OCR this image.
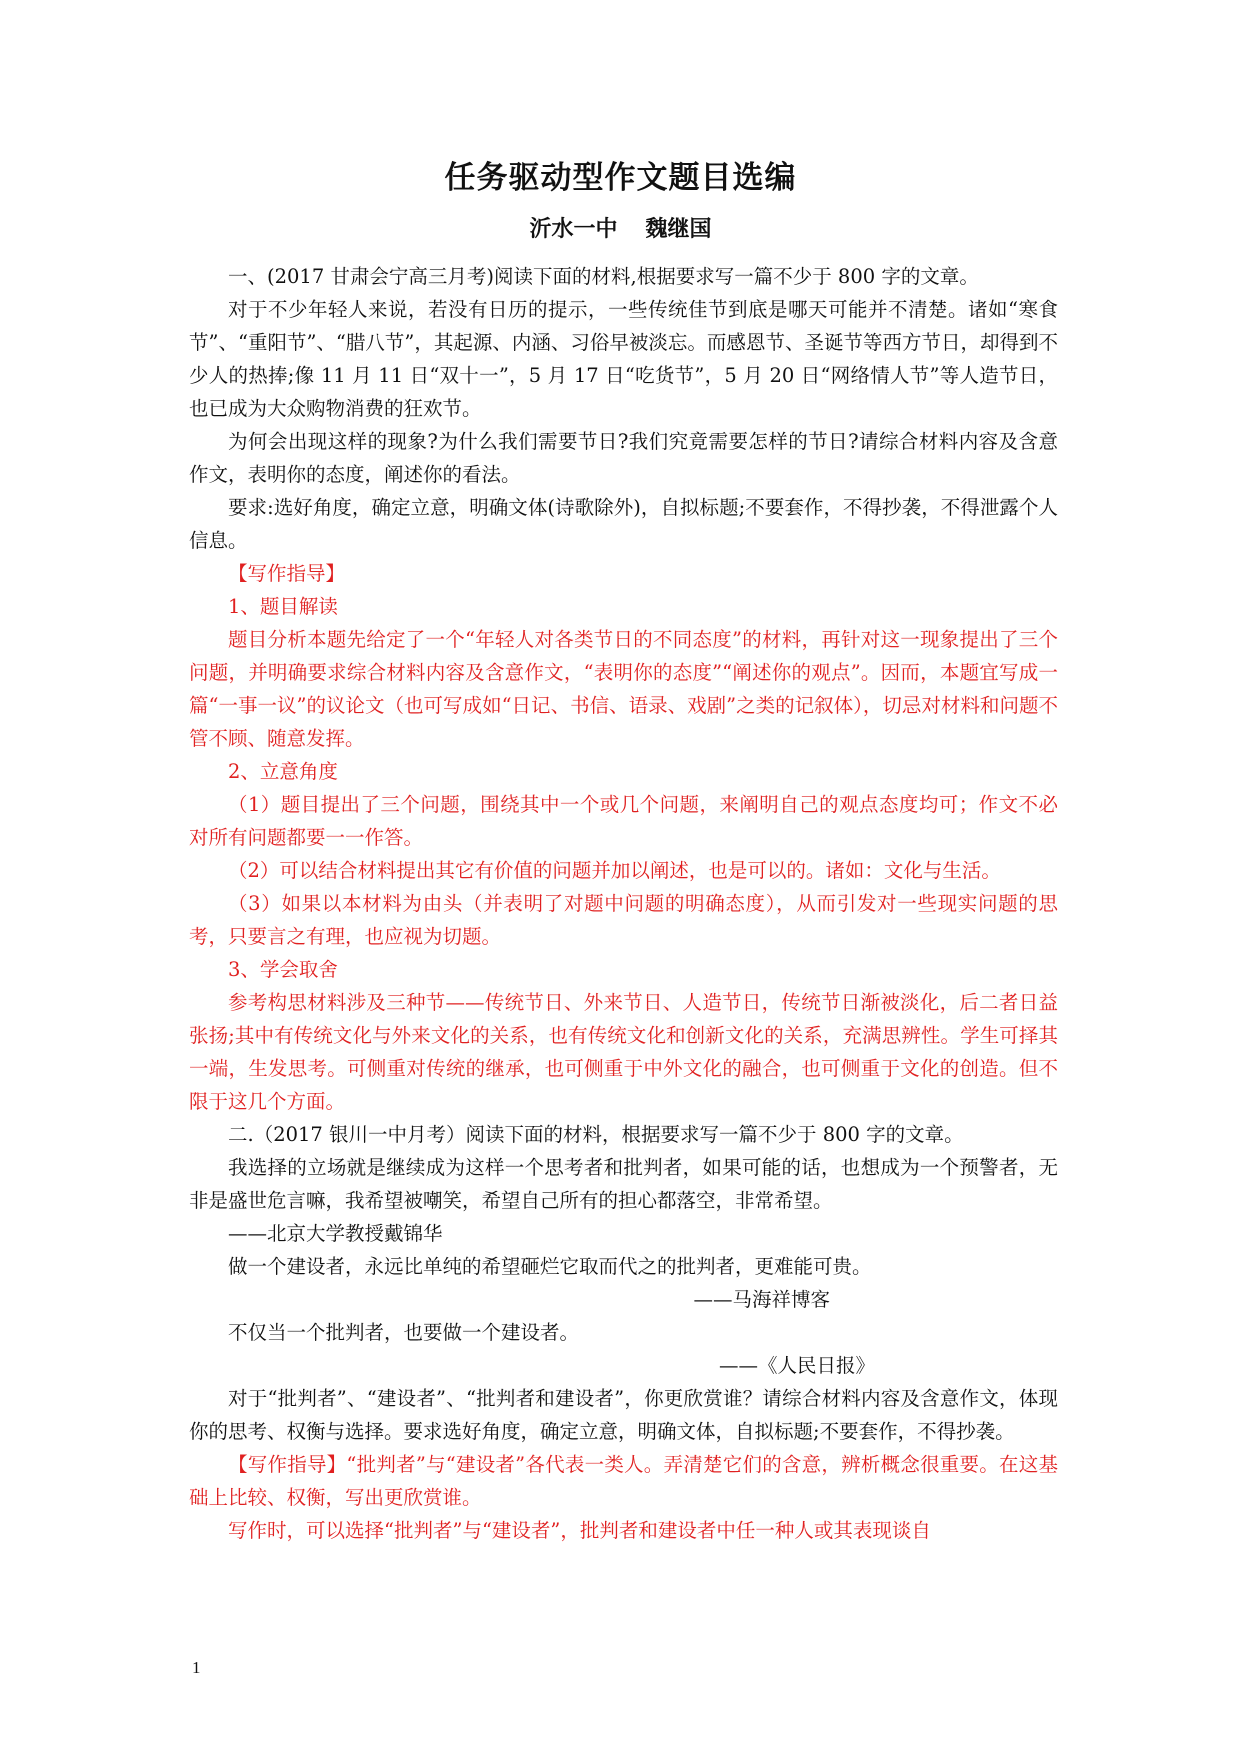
任务驱动型作文题目选编
沂水一中 魏继国

一、(2017 甘肃会宁高三月考)阅读下面的材料,根据要求写一篇不少于 800 字的文章。

对于不少年轻人来说，若没有日历的提示，一些传统佳节到底是哪天可能并不清楚。诸如“寒食节”、“重阳节”、“腊八节”，其起源、内涵、习俗早被淡忘。而感恩节、圣诞节等西方节日，却得到不少人的热捧;像 11 月 11 日“双十一”，5 月 17 日“吃货节”，5 月 20 日“网络情人节”等人造节日，也已成为大众购物消费的狂欢节。

为何会出现这样的现象?为什么我们需要节日?我们究竟需要怎样的节日?请综合材料内容及含意作文，表明你的态度，阐述你的看法。

要求:选好角度，确定立意，明确文体(诗歌除外)，自拟标题;不要套作，不得抄袭，不得泄露个人信息。

【写作指导】

1、题目解读

题目分析本题先给定了一个“年轻人对各类节日的不同态度”的材料，再针对这一现象提出了三个问题，并明确要求综合材料内容及含意作文，“表明你的态度”“阐述你的观点”。因而，本题宜写成一篇“一事一议”的议论文（也可写成如“日记、书信、语录、戏剧”之类的记叙体），切忌对材料和问题不管不顾、随意发挥。

2、立意角度

（1）题目提出了三个问题，围绕其中一个或几个问题，来阐明自己的观点态度均可；作文不必对所有问题都要一一作答。

（2）可以结合材料提出其它有价值的问题并加以阐述，也是可以的。诸如：文化与生活。

（3）如果以本材料为由头（并表明了对题中问题的明确态度），从而引发对一些现实问题的思考，只要言之有理，也应视为切题。

3、学会取舍

参考构思材料涉及三种节——传统节日、外来节日、人造节日，传统节日渐被淡化，后二者日益张扬;其中有传统文化与外来文化的关系，也有传统文化和创新文化的关系，充满思辨性。学生可择其一端，生发思考。可侧重对传统的继承，也可侧重于中外文化的融合，也可侧重于文化的创造。但不限于这几个方面。

二.（2017 银川一中月考）阅读下面的材料，根据要求写一篇不少于 800 字的文章。

我选择的立场就是继续成为这样一个思考者和批判者，如果可能的话，也想成为一个预警者，无非是盛世危言嘛，我希望被嘲笑，希望自己所有的担心都落空，非常希望。

——北京大学教授戴锦华

做一个建设者，永远比单纯的希望砸烂它取而代之的批判者，更难能可贵。

——马海祥博客

不仅当一个批判者，也要做一个建设者。

——《人民日报》

对于“批判者”、“建设者”、“批判者和建设者”，你更欣赏谁？请综合材料内容及含意作文，体现你的思考、权衡与选择。要求选好角度，确定立意，明确文体，自拟标题;不要套作，不得抄袭。

【写作指导】“批判者”与“建设者”各代表一类人。弄清楚它们的含意，辨析概念很重要。在这基础上比较、权衡，写出更欣赏谁。

写作时，可以选择“批判者”与“建设者”，批判者和建设者中任一种人或其表现谈自

1
